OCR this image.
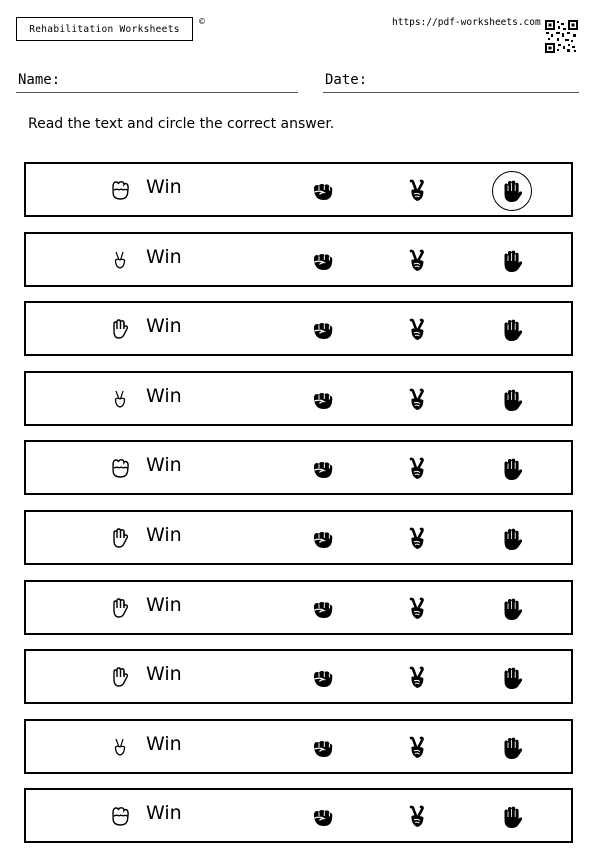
Rehabilitation Worksheets
©	https://pdf-worksheets.com
Name:	Date:
Read the text and circle the correct answer.
Win
Win
Win
Win
Win
Win
Win
Win
Win
Win
